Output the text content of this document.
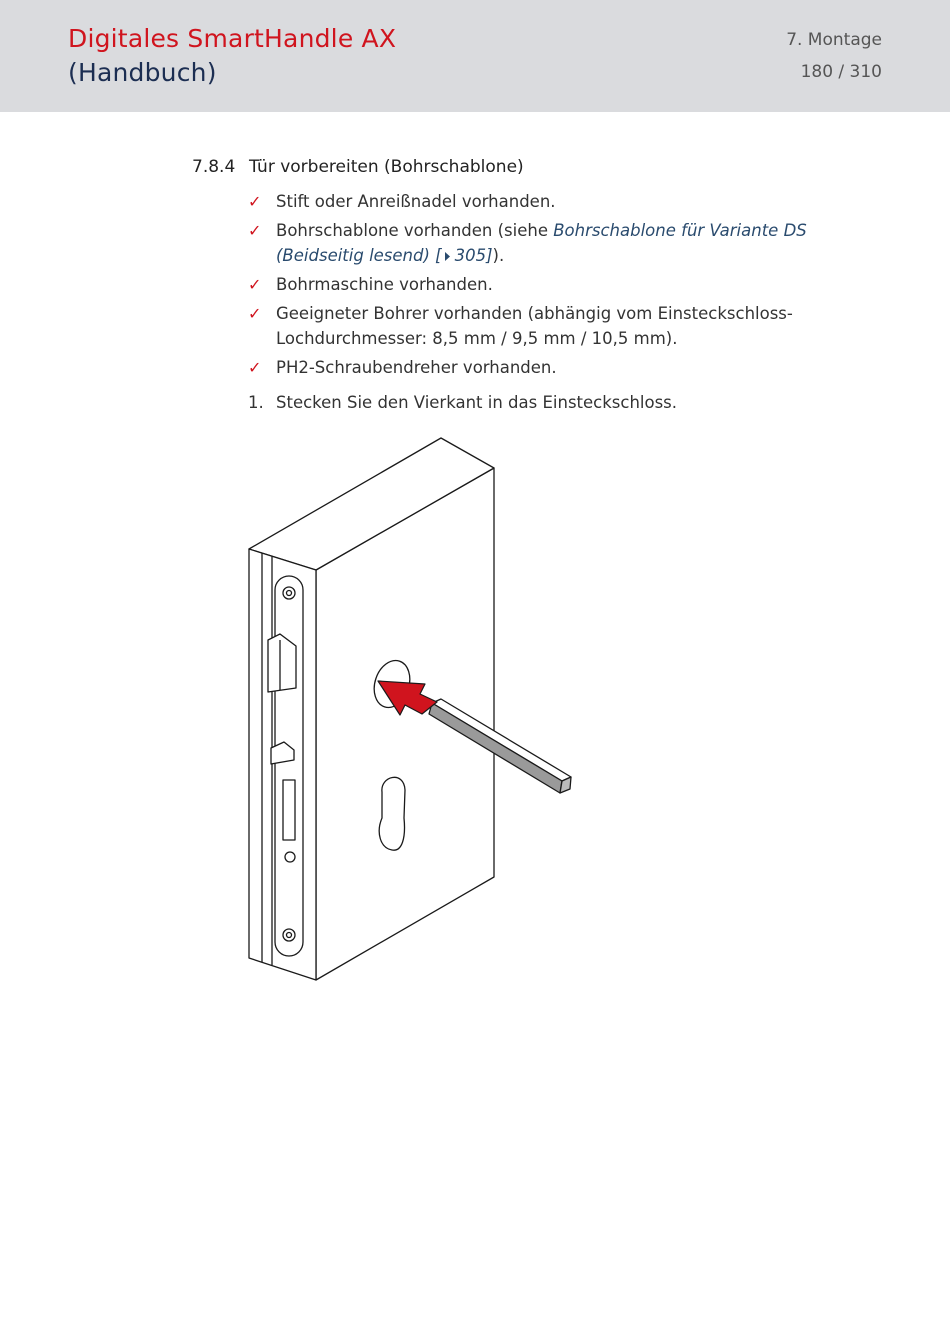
Digitales SmartHandle AX
(Handbuch)
7. Montage
180 / 310
7.8.4 Tür vorbereiten (Bohrschablone)
✓ Stift oder Anreißnadel vorhanden.
✓ Bohrschablone vorhanden (siehe Bohrschablone für Variante DS (Beidseitig lesend) [ 305]).
✓ Bohrmaschine vorhanden.
✓ Geeigneter Bohrer vorhanden (abhängig vom Einsteckschloss-Lochdurchmesser: 8,5 mm / 9,5 mm / 10,5 mm).
✓ PH2-Schraubendreher vorhanden.
1. Stecken Sie den Vierkant in das Einsteckschloss.
